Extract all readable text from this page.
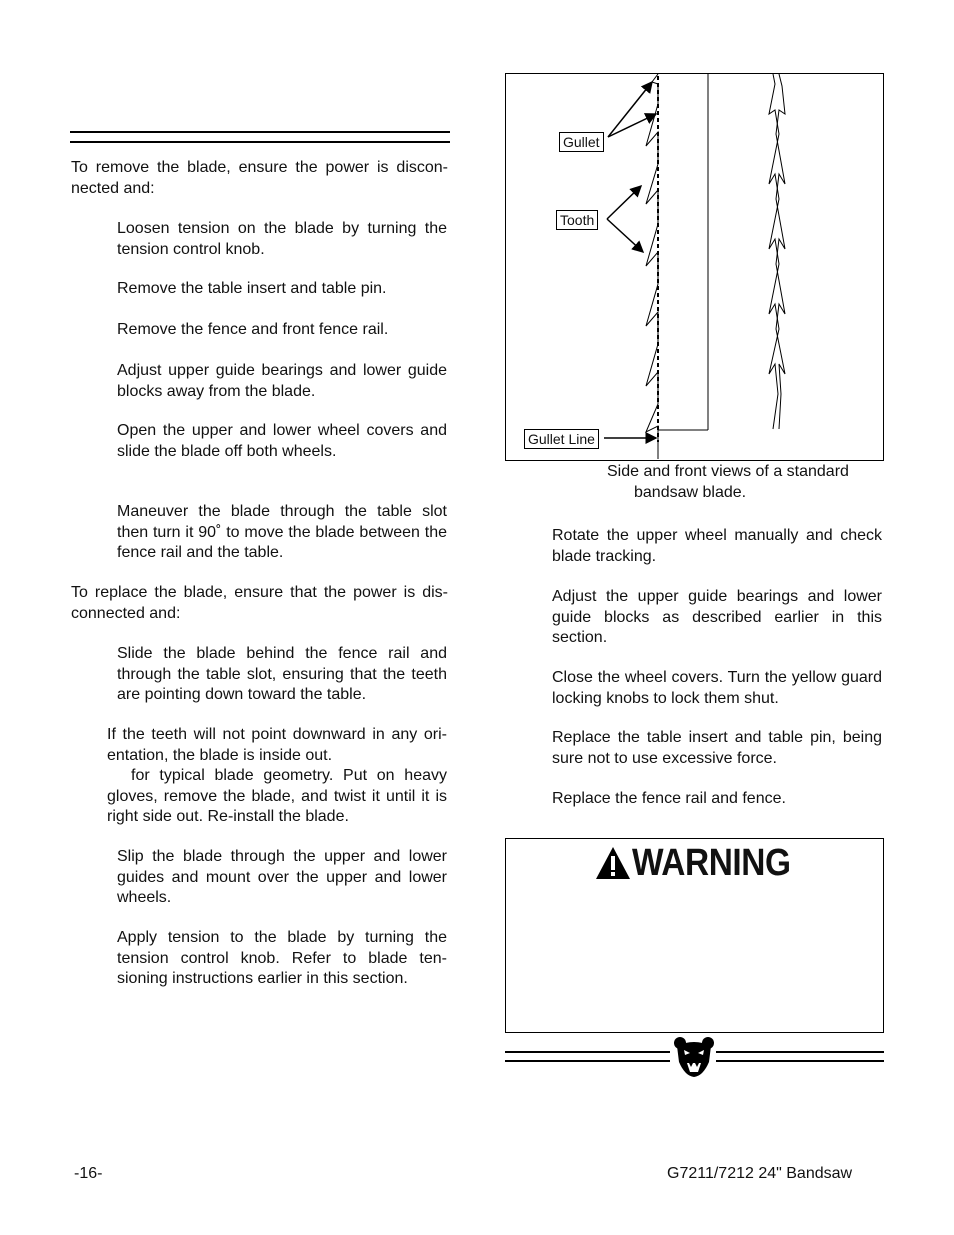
To remove the blade, ensure the power is discon-nected and:
Loosen tension on the blade by turning the tension control knob.
Remove the table insert and table pin.
Remove the fence and front fence rail.
Adjust upper guide bearings and lower guide blocks away from the blade.
Open the upper and lower wheel covers and slide the blade off both wheels.
Maneuver the blade through the table slot then turn it 90˚ to move the blade between the fence rail and the table.
To replace the blade, ensure that the power is dis-connected and:
Slide the blade behind the fence rail and through the table slot, ensuring that the teeth are pointing down toward the table.
If the teeth will not point downward in any ori-entation, the blade is inside out.
for typical blade geometry. Put on heavy gloves, remove the blade, and twist it until it is right side out. Re-install the blade.
Slip the blade through the upper and lower guides and mount over the upper and lower wheels.
Apply tension to the blade by turning the tension control knob. Refer to blade ten-sioning instructions earlier in this section.
Gullet
Tooth
Gullet Line
Side and front views of a standard
bandsaw blade.
Rotate the upper wheel manually and check blade tracking.
Adjust the upper guide bearings and lower guide blocks as described earlier in this section.
Close the wheel covers. Turn the yellow guard locking knobs to lock them shut.
Replace the table insert and table pin, being sure not to use excessive force.
Replace the fence rail and fence.
WARNING
-16-	G7211/7212 24" Bandsaw
